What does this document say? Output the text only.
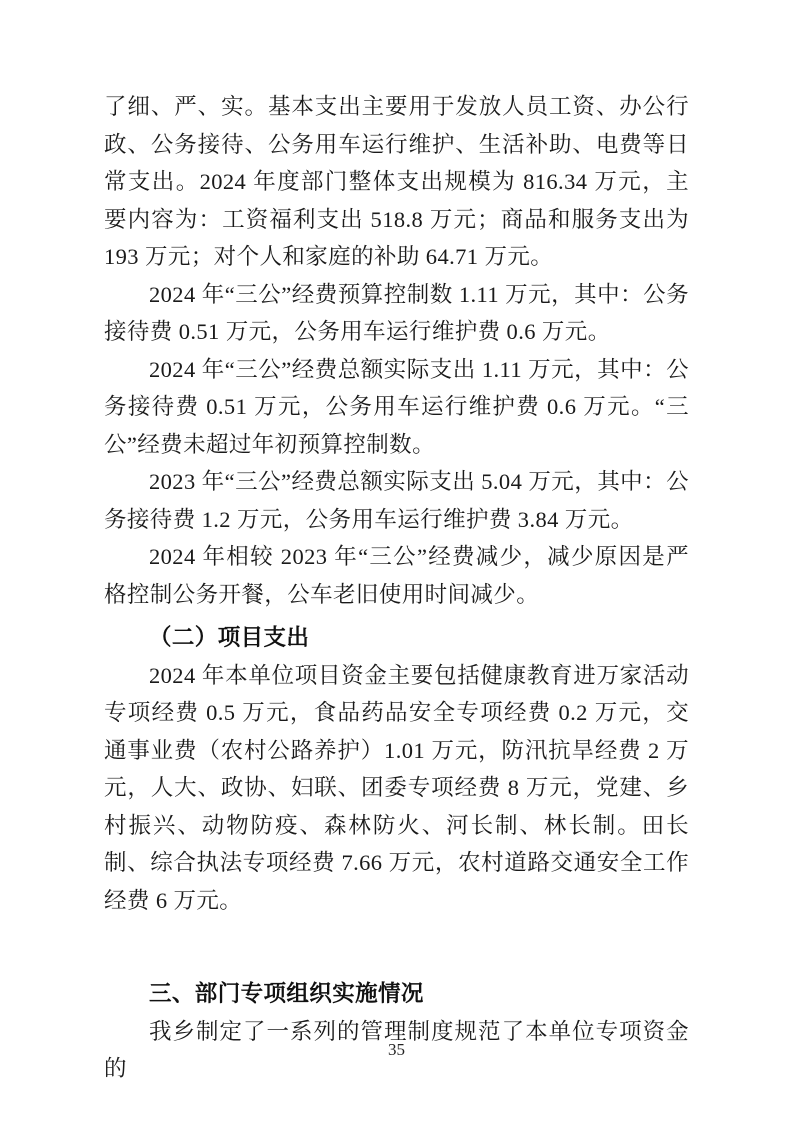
了细、严、实。基本支出主要用于发放人员工资、办公行政、公务接待、公务用车运行维护、生活补助、电费等日常支出。2024 年度部门整体支出规模为 816.34 万元，主要内容为：工资福利支出 518.8 万元；商品和服务支出为 193 万元；对个人和家庭的补助 64.71 万元。

2024 年“三公”经费预算控制数 1.11 万元，其中：公务接待费 0.51 万元，公务用车运行维护费 0.6 万元。

2024 年“三公”经费总额实际支出 1.11 万元，其中：公务接待费 0.51 万元，公务用车运行维护费 0.6 万元。“三公”经费未超过年初预算控制数。

2023 年“三公”经费总额实际支出 5.04 万元，其中：公务接待费 1.2 万元，公务用车运行维护费 3.84 万元。

2024 年相较 2023 年“三公”经费减少，减少原因是严格控制公务开餐，公车老旧使用时间减少。

（二）项目支出

2024 年本单位项目资金主要包括健康教育进万家活动专项经费 0.5 万元，食品药品安全专项经费 0.2 万元，交通事业费（农村公路养护）1.01 万元，防汛抗旱经费 2 万元，人大、政协、妇联、团委专项经费 8 万元，党建、乡村振兴、动物防疫、森林防火、河长制、林长制。田长制、综合执法专项经费 7.66 万元，农村道路交通安全工作经费 6 万元。

三、部门专项组织实施情况

我乡制定了一系列的管理制度规范了本单位专项资金的

35
